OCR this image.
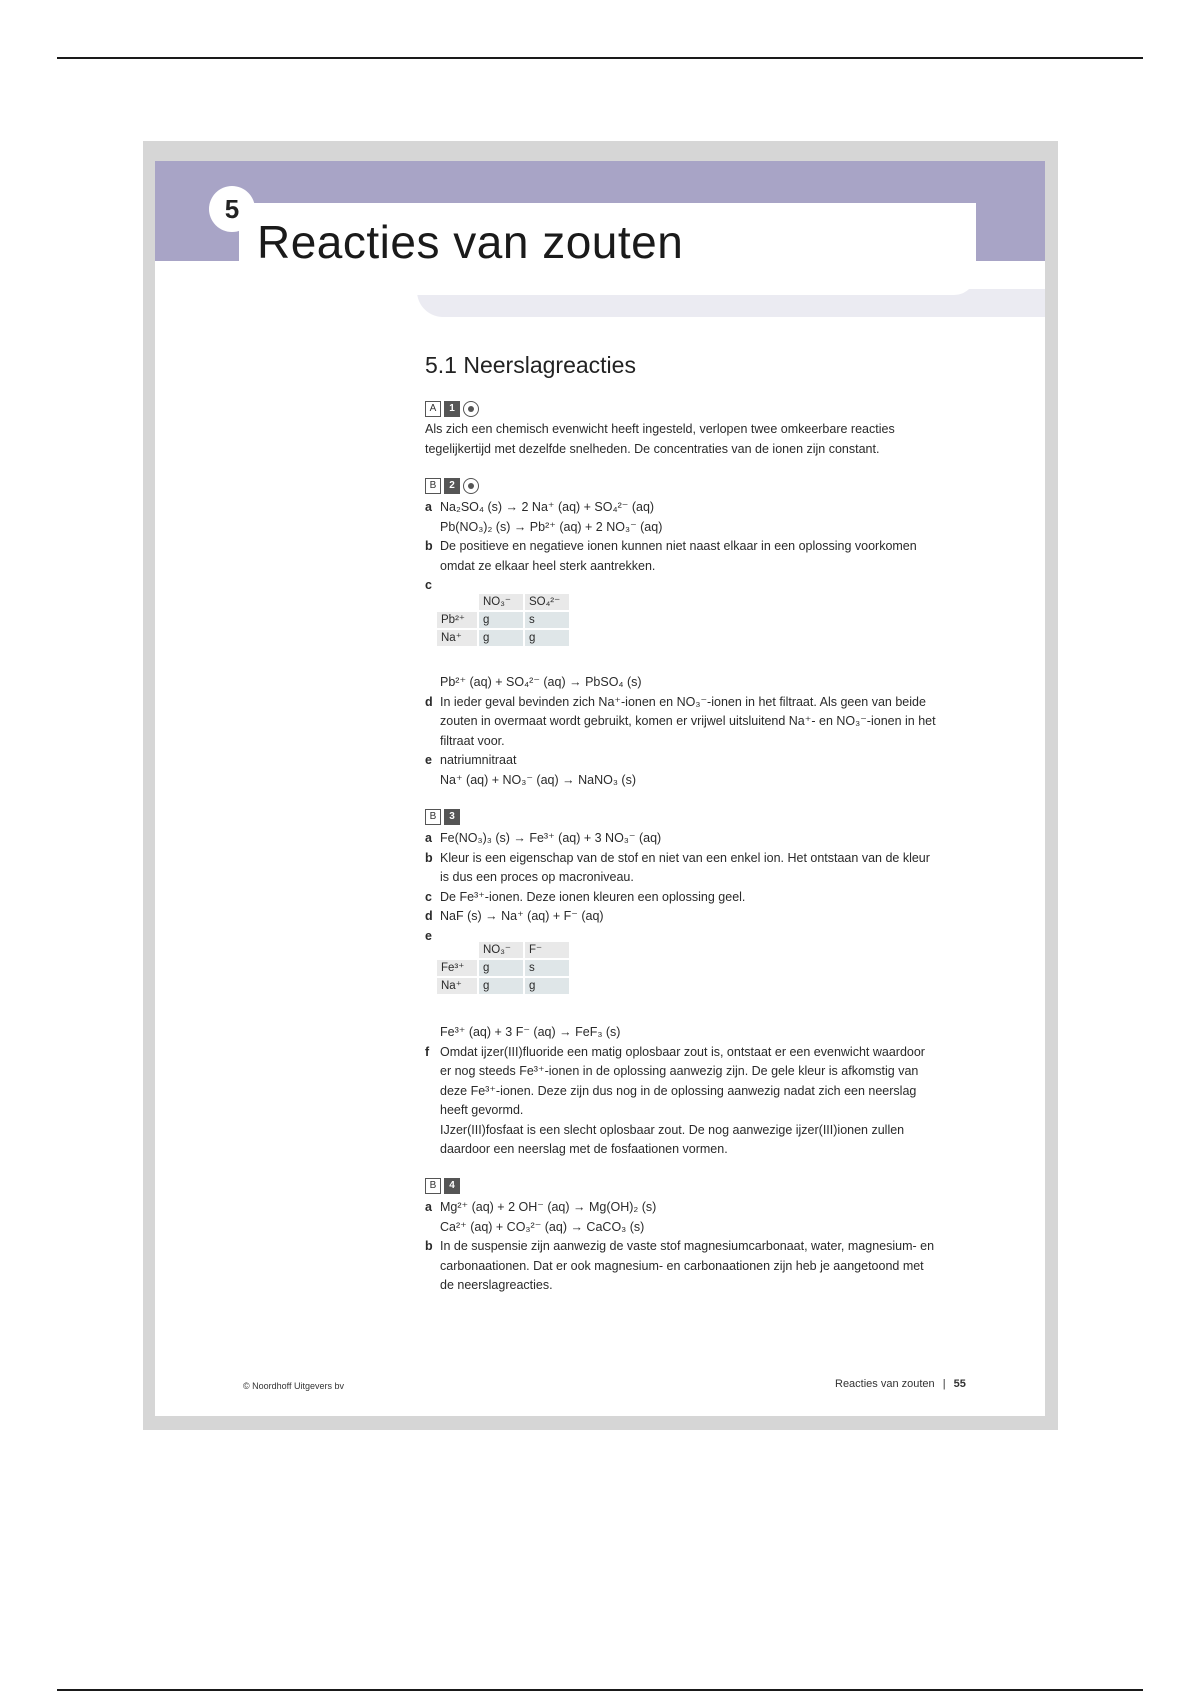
5
Reacties van zouten
5.1 Neerslagreacties
A	1
Als zich een chemisch evenwicht heeft ingesteld, verlopen twee omkeerbare reacties
tegelijkertijd met dezelfde snelheden. De concentraties van de ionen zijn constant.
B	2
a Na₂SO₄ (s) → 2 Na⁺ (aq) + SO₄²⁻ (aq)
Pb(NO₃)₂ (s) → Pb²⁺ (aq) + 2 NO₃⁻ (aq)
b De positieve en negatieve ionen kunnen niet naast elkaar in een oplossing voorkomen
omdat ze elkaar heel sterk aantrekken.
c

	NO₃⁻	SO₄²⁻
Pb²⁺	g	s
Na⁺	g	g
Pb²⁺ (aq) + SO₄²⁻ (aq) → PbSO₄ (s)
d In ieder geval bevinden zich Na⁺-ionen en NO₃⁻-ionen in het filtraat. Als geen van beide
zouten in overmaat wordt gebruikt, komen er vrijwel uitsluitend Na⁺- en NO₃⁻-ionen in het
filtraat voor.
e natriumnitraat
Na⁺ (aq) + NO₃⁻ (aq) → NaNO₃ (s)
B	3
a Fe(NO₃)₃ (s) → Fe³⁺ (aq) + 3 NO₃⁻ (aq)
b Kleur is een eigenschap van de stof en niet van een enkel ion. Het ontstaan van de kleur
is dus een proces op macroniveau.
c De Fe³⁺-ionen. Deze ionen kleuren een oplossing geel.
d NaF (s) → Na⁺ (aq) + F⁻ (aq)
e

	NO₃⁻	F⁻
Fe³⁺	g	s
Na⁺	g	g
Fe³⁺ (aq) + 3 F⁻ (aq) → FeF₃ (s)
f Omdat ijzer(III)fluoride een matig oplosbaar zout is, ontstaat er een evenwicht waardoor
er nog steeds Fe³⁺-ionen in de oplossing aanwezig zijn. De gele kleur is afkomstig van
deze Fe³⁺-ionen. Deze zijn dus nog in de oplossing aanwezig nadat zich een neerslag
heeft gevormd.
IJzer(III)fosfaat is een slecht oplosbaar zout. De nog aanwezige ijzer(III)ionen zullen
daardoor een neerslag met de fosfaationen vormen.
B	4
a Mg²⁺ (aq) + 2 OH⁻ (aq) → Mg(OH)₂ (s)
Ca²⁺ (aq) + CO₃²⁻ (aq) → CaCO₃ (s)
b In de suspensie zijn aanwezig de vaste stof magnesiumcarbonaat, water, magnesium- en
carbonaationen. Dat er ook magnesium- en carbonaationen zijn heb je aangetoond met
de neerslagreacties.
© Noordhoff Uitgevers bv	Reacties van zouten | 55
